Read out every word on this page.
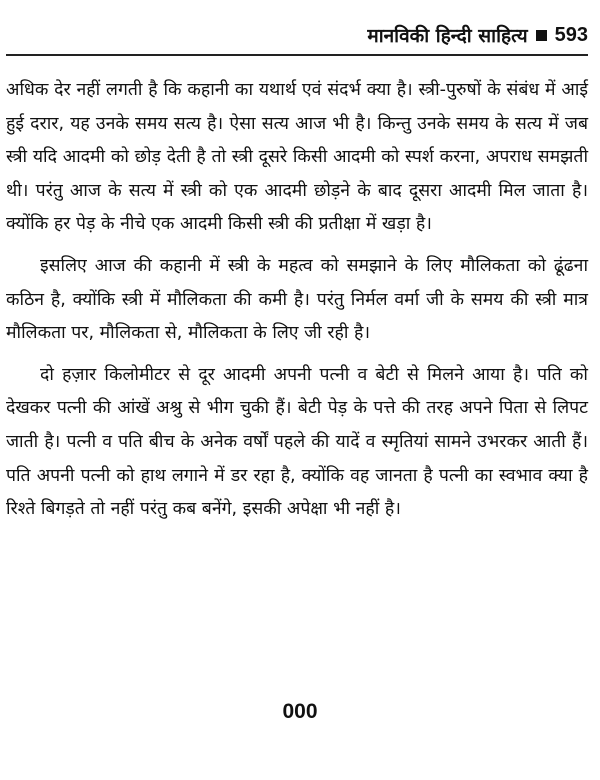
मानविकी हिन्दी साहित्य 593

अधिक देर नहीं लगती है कि कहानी का यथार्थ एवं संदर्भ क्या है। स्त्री-पुरुषों के संबंध में आई हुई दरार, यह उनके समय सत्य है। ऐसा सत्य आज भी है। किन्तु उनके समय के सत्य में जब स्त्री यदि आदमी को छोड़ देती है तो स्त्री दूसरे किसी आदमी को स्पर्श करना, अपराध समझती थी। परंतु आज के सत्य में स्त्री को एक आदमी छोड़ने के बाद दूसरा आदमी मिल जाता है। क्योंकि हर पेड़ के नीचे एक आदमी किसी स्त्री की प्रतीक्षा में खड़ा है।

इसलिए आज की कहानी में स्त्री के महत्व को समझाने के लिए मौलिकता को ढूंढना कठिन है, क्योंकि स्त्री में मौलिकता की कमी है। परंतु निर्मल वर्मा जी के समय की स्त्री मात्र मौलिकता पर, मौलिकता से, मौलिकता के लिए जी रही है।

दो हज़ार किलोमीटर से दूर आदमी अपनी पत्नी व बेटी से मिलने आया है। पति को देखकर पत्नी की आंखें अश्रु से भीग चुकी हैं। बेटी पेड़ के पत्ते की तरह अपने पिता से लिपट जाती है। पत्नी व पति बीच के अनेक वर्षों पहले की यादें व स्मृतियां सामने उभरकर आती हैं। पति अपनी पत्नी को हाथ लगाने में डर रहा है, क्योंकि वह जानता है पत्नी का स्वभाव क्या है रिश्ते बिगड़ते तो नहीं परंतु कब बनेंगे, इसकी अपेक्षा भी नहीं है।

000
